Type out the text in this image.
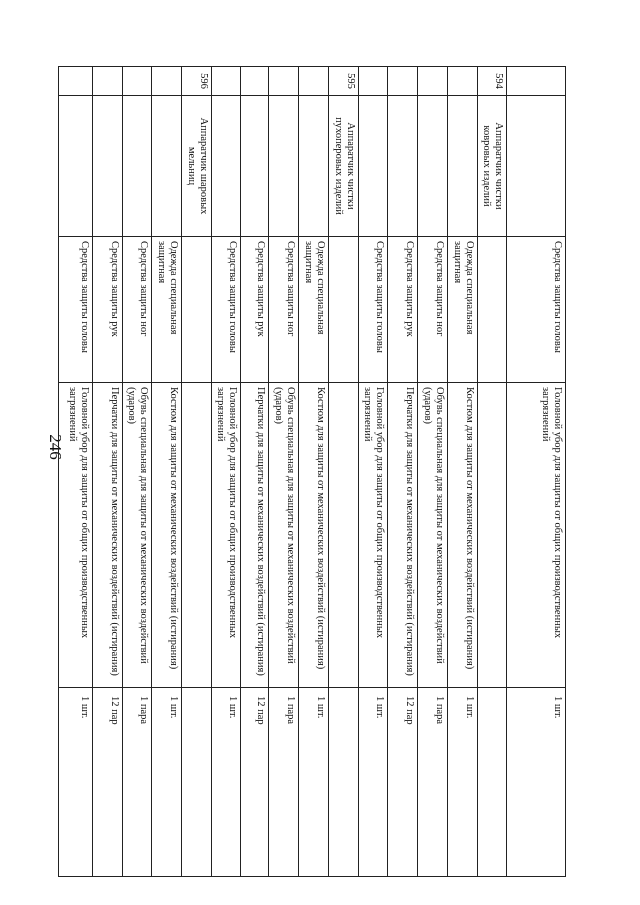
246
		Средства защиты головы	Головной убор для защиты от общих производственных загрязнений	1 шт.
594	Аппаратчик чистки ковровых изделий			
		Одежда специальная защитная	Костюм для защиты от механических воздействий (истирания)	1 шт.
		Средства защиты ног	Обувь специальная для защиты от механических воздействий (ударов)	1 пара
		Средства защиты рук	Перчатки для защиты от механических воздействий (истирания)	12 пар
		Средства защиты головы	Головной убор для защиты от общих производственных загрязнений	1 шт.
595	Аппаратчик чистки пухоперовых изделий			
		Одежда специальная защитная	Костюм для защиты от механических воздействий (истирания)	1 шт.
		Средства защиты ног	Обувь специальная для защиты от механических воздействий (ударов)	1 пара
		Средства защиты рук	Перчатки для защиты от механических воздействий (истирания)	12 пар
		Средства защиты головы	Головной убор для защиты от общих производственных загрязнений	1 шт.
596	Аппаратчик шаровых мельниц			
		Одежда специальная защитная	Костюм для защиты от механических воздействий (истирания)	1 шт.
		Средства защиты ног	Обувь специальная для защиты от механических воздействий (ударов)	1 пара
		Средства защиты рук	Перчатки для защиты от механических воздействий (истирания)	12 пар
		Средства защиты головы	Головной убор для защиты от общих производственных загрязнений	1 шт.
